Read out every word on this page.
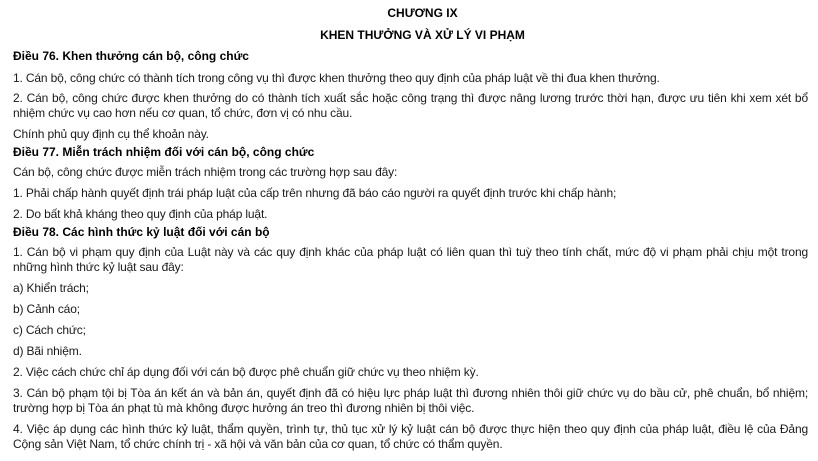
CHƯƠNG IX
KHEN THƯỞNG VÀ XỬ LÝ VI PHẠM
Điều 76. Khen thưởng cán bộ, công chức

1. Cán bộ, công chức có thành tích trong công vụ thì được khen thưởng theo quy định của pháp luật về thi đua khen thưởng.

2. Cán bộ, công chức được khen thưởng do có thành tích xuất sắc hoặc công trạng thì được nâng lương trước thời hạn, được ưu tiên khi xem xét bổ nhiệm chức vụ cao hơn nếu cơ quan, tổ chức, đơn vị có nhu cầu.

Chính phủ quy định cụ thể khoản này.

Điều 77. Miễn trách nhiệm đối với cán bộ, công chức

Cán bộ, công chức được miễn trách nhiệm trong các trường hợp sau đây:

1. Phải chấp hành quyết định trái pháp luật của cấp trên nhưng đã báo cáo người ra quyết định trước khi chấp hành;

2. Do bất khả kháng theo quy định của pháp luật.

Điều 78. Các hình thức kỷ luật đối với cán bộ

1. Cán bộ vi phạm quy định của Luật này và các quy định khác của pháp luật có liên quan thì tuỳ theo tính chất, mức độ vi phạm phải chịu một trong những hình thức kỷ luật sau đây:

a) Khiển trách;

b) Cảnh cáo;

c) Cách chức;

d) Bãi nhiệm.

2. Việc cách chức chỉ áp dụng đối với cán bộ được phê chuẩn giữ chức vụ theo nhiệm kỳ.

3. Cán bộ phạm tội bị Tòa án kết án và bản án, quyết định đã có hiệu lực pháp luật thì đương nhiên thôi giữ chức vụ do bầu cử, phê chuẩn, bổ nhiệm; trường hợp bị Tòa án phạt tù mà không được hưởng án treo thì đương nhiên bị thôi việc.

4. Việc áp dụng các hình thức kỷ luật, thẩm quyền, trình tự, thủ tục xử lý kỷ luật cán bộ được thực hiện theo quy định của pháp luật, điều lệ của Đảng Cộng sản Việt Nam, tổ chức chính trị - xã hội và văn bản của cơ quan, tổ chức có thẩm quyền.
